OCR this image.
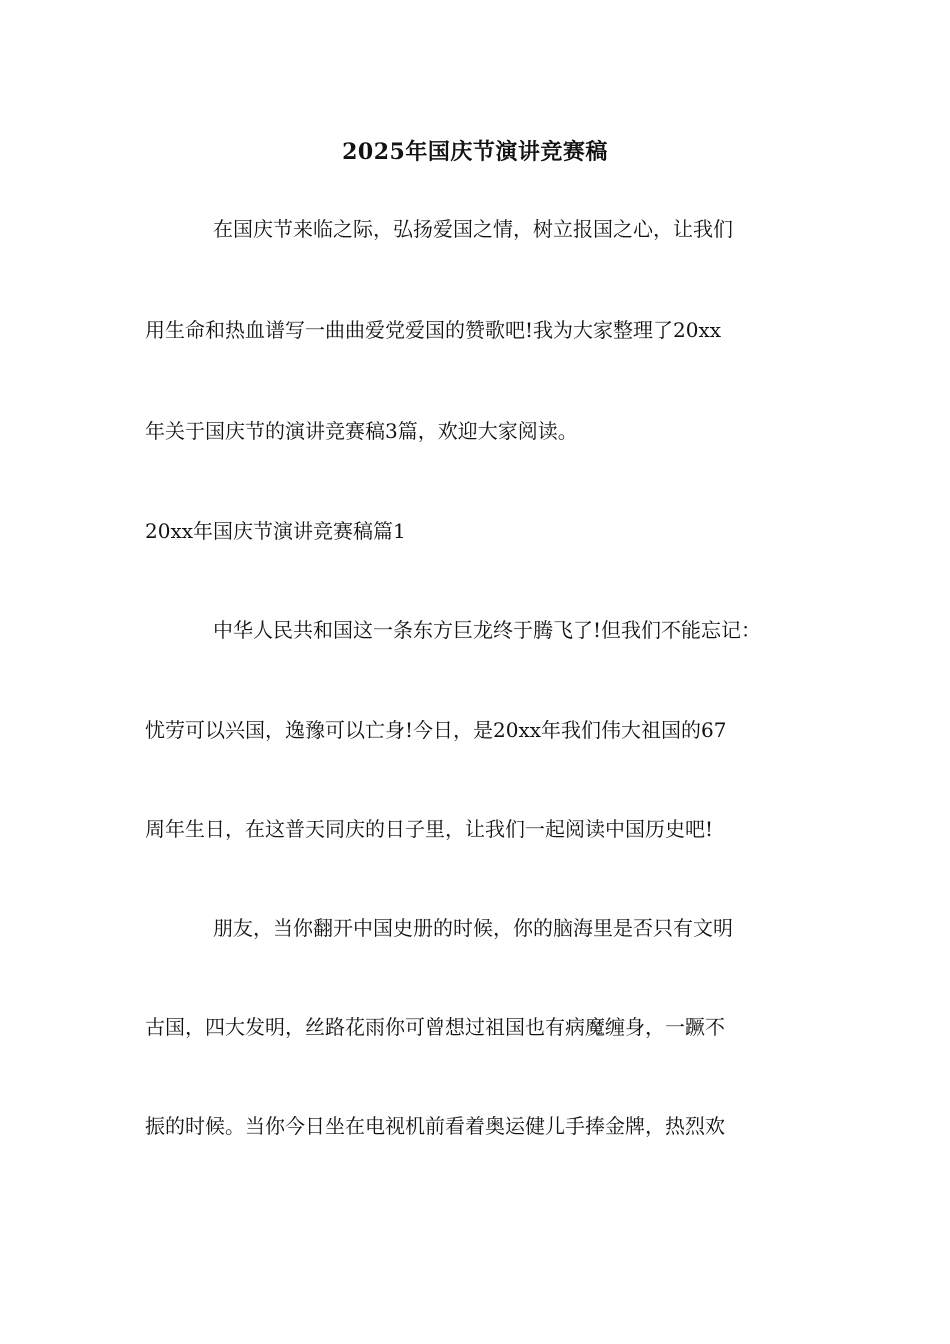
2025年国庆节演讲竞赛稿
在国庆节来临之际，弘扬爱国之情，树立报国之心，让我们
用生命和热血谱写一曲曲爱党爱国的赞歌吧!我为大家整理了20xx
年关于国庆节的演讲竞赛稿3篇，欢迎大家阅读。
20xx年国庆节演讲竞赛稿篇1
中华人民共和国这一条东方巨龙终于腾飞了!但我们不能忘记：
忧劳可以兴国，逸豫可以亡身!今日，是20xx年我们伟大祖国的67
周年生日，在这普天同庆的日子里，让我们一起阅读中国历史吧!
朋友，当你翻开中国史册的时候，你的脑海里是否只有文明
古国，四大发明，丝路花雨你可曾想过祖国也有病魔缠身，一蹶不
振的时候。当你今日坐在电视机前看着奥运健儿手捧金牌，热烈欢
